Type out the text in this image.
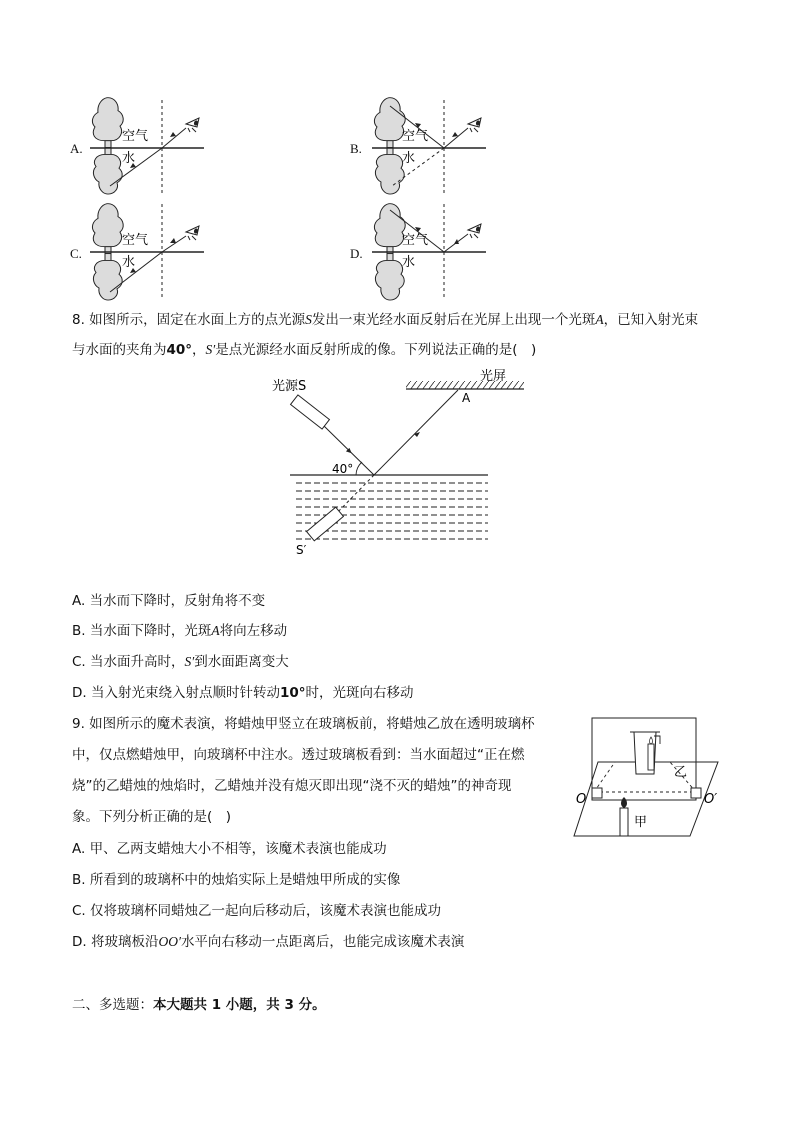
A.
空气
水
B.
空气
水
C.
空气
水
D.
空气
水
8. 如图所示，固定在水面上方的点光源S发出一束光经水面反射后在光屏上出现一个光斑A，已知入射光束
与水面的夹角为40°，S′是点光源经水面反射所成的像。下列说法正确的是(　)
光屏
A
光源S
40°
S′
A. 当水而下降时，反射角将不变
B. 当水面下降时，光斑A将向左移动
C. 当水面升高时，S′到水面距离变大
D. 当入射光束绕入射点顺时针转动10°时，光斑向右移动
9. 如图所示的魔术表演，将蜡烛甲竖立在玻璃板前，将蜡烛乙放在透明玻璃杯
中，仅点燃蜡烛甲，向玻璃杯中注水。透过玻璃板看到：当水面超过“正在燃
烧”的乙蜡烛的烛焰时，乙蜡烛并没有熄灭即出现“浇不灭的蜡烛”的神奇现
象。下列分析正确的是(　)
乙
甲
O	O′
A. 甲、乙两支蜡烛大小不相等，该魔术表演也能成功
B. 所看到的玻璃杯中的烛焰实际上是蜡烛甲所成的实像
C. 仅将玻璃杯同蜡烛乙一起向后移动后，该魔术表演也能成功
D. 将玻璃板沿OO′水平向右移动一点距离后，也能完成该魔术表演
二、多选题：本大题共 1 小题，共 3 分。
